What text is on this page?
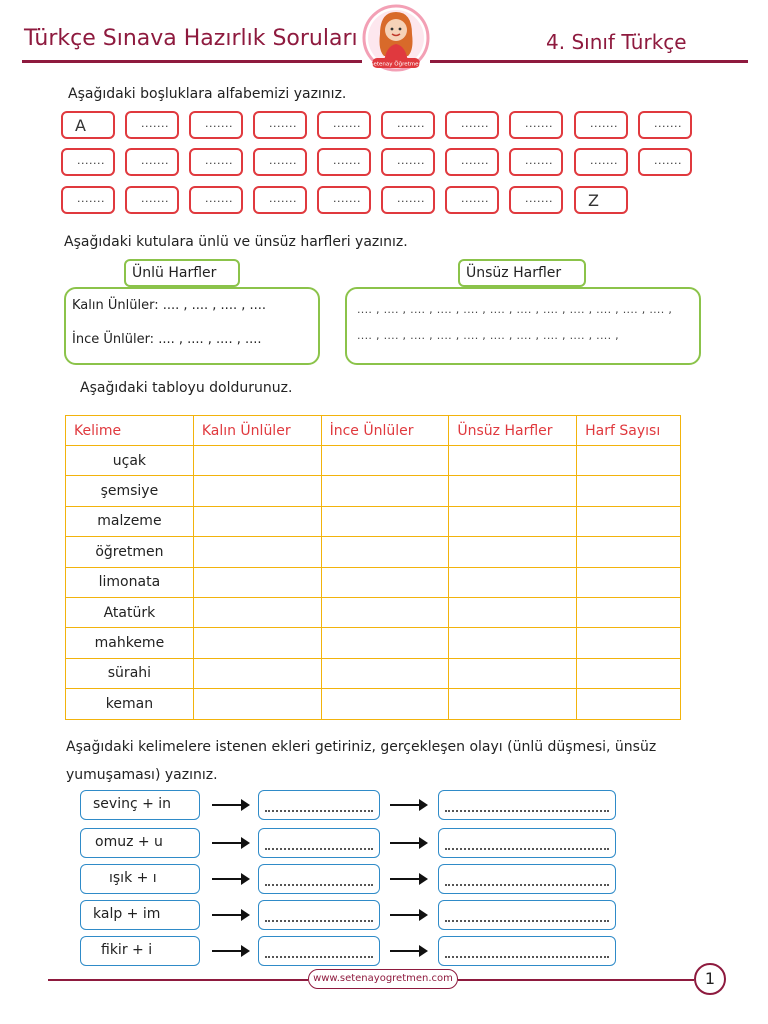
Türkçe Sınava Hazırlık Soruları	4. Sınıf Türkçe
Setenay Öğretmen
Aşağıdaki boşluklara alfabemizi yazınız.
A	.......	.......	.......	.......	.......	.......	.......	.......	.......
.......	.......	.......	.......	.......	.......	.......	.......	.......	.......
.......	.......	.......	.......	.......	.......	.......	....... Z
Aşağıdaki kutulara ünlü ve ünsüz harfleri yazınız.
Ünlü Harfler	Ünsüz Harfler
Kalın Ünlüler: .... , .... , .... , ....
İnce Ünlüler: .... , .... , .... , ....
.... , .... , .... , .... , .... , .... , .... , .... , .... , .... , .... , .... ,
.... , .... , .... , .... , .... , .... , .... , .... , .... , .... ,
Aşağıdaki tabloyu doldurunuz.
Kelime	Kalın Ünlüler	İnce Ünlüler	Ünsüz Harfler	Harf Sayısı
uçak				
şemsiye				
malzeme				
öğretmen				
limonata				
Atatürk				
mahkeme				
sürahi				
keman				
Aşağıdaki kelimelere istenen ekleri getiriniz, gerçekleşen olayı (ünlü düşmesi, ünsüz
yumuşaması) yazınız.
sevinç + in
omuz + u
ışık + ı
kalp + im
fikir + i
www.setenayogretmen.com	1
